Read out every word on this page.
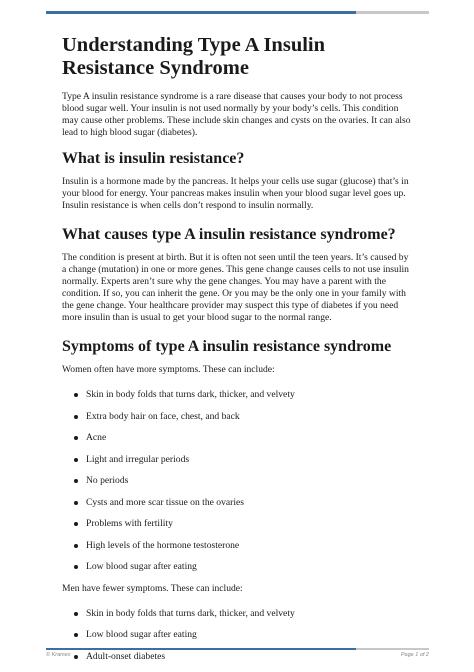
Understanding Type A Insulin Resistance Syndrome

Type A insulin resistance syndrome is a rare disease that causes your body to not process blood sugar well. Your insulin is not used normally by your body’s cells. This condition may cause other problems. These include skin changes and cysts on the ovaries. It can also lead to high blood sugar (diabetes).

What is insulin resistance?

Insulin is a hormone made by the pancreas. It helps your cells use sugar (glucose) that’s in your blood for energy. Your pancreas makes insulin when your blood sugar level goes up. Insulin resistance is when cells don’t respond to insulin normally.

What causes type A insulin resistance syndrome?

The condition is present at birth. But it is often not seen until the teen years. It’s caused by a change (mutation) in one or more genes. This gene change causes cells to not use insulin normally. Experts aren’t sure why the gene changes. You may have a parent with the condition. If so, you can inherit the gene. Or you may be the only one in your family with the gene change. Your healthcare provider may suspect this type of diabetes if you need more insulin than is usual to get your blood sugar to the normal range.

Symptoms of type A insulin resistance syndrome

Women often have more symptoms. These can include:

Skin in body folds that turns dark, thicker, and velvety
Extra body hair on face, chest, and back
Acne
Light and irregular periods
No periods
Cysts and more scar tissue on the ovaries
Problems with fertility
High levels of the hormone testosterone
Low blood sugar after eating

Men have fewer symptoms. These can include:

Skin in body folds that turns dark, thicker, and velvety
Low blood sugar after eating
Adult-onset diabetes
© Krames	Page 1 of 2
